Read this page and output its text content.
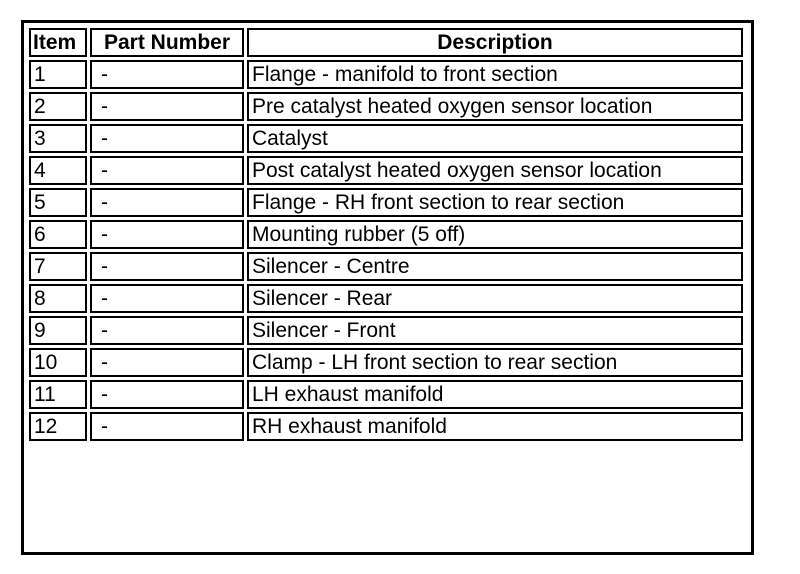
Item	Part Number	Description
1	-	Flange - manifold to front section
2	-	Pre catalyst heated oxygen sensor location
3	-	Catalyst
4	-	Post catalyst heated oxygen sensor location
5	-	Flange - RH front section to rear section
6	-	Mounting rubber (5 off)
7	-	Silencer - Centre
8	-	Silencer - Rear
9	-	Silencer - Front
10	-	Clamp - LH front section to rear section
11	-	LH exhaust manifold
12	-	RH exhaust manifold
